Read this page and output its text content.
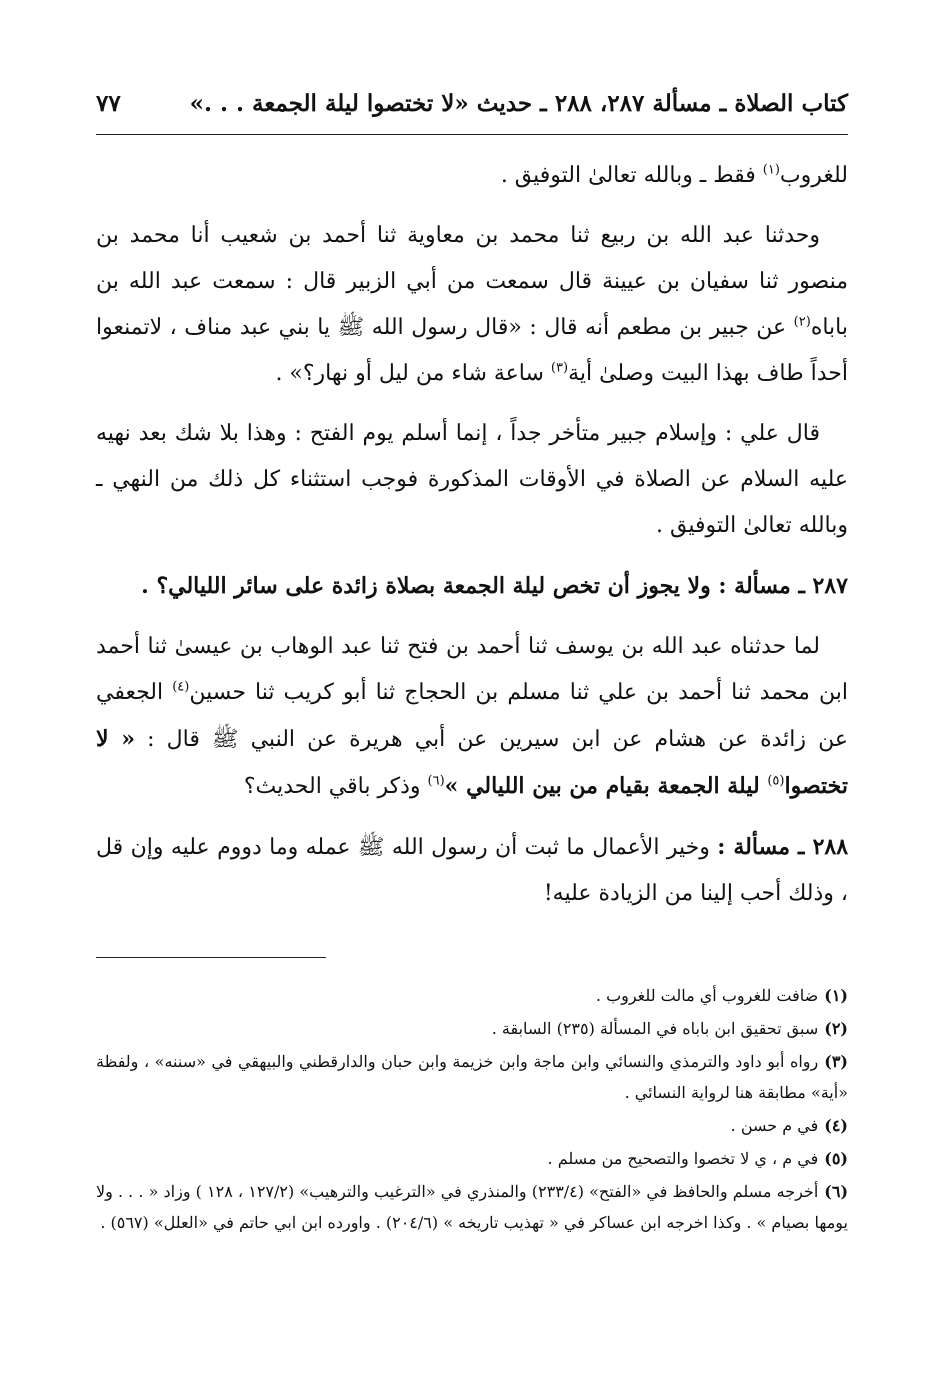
كتاب الصلاة ـ مسألة ٢٨٧، ٢٨٨ ـ حديث «لا تختصوا ليلة الجمعة . . .»
٧٧

للغروب$^{(١)}$ فقط ـ وبالله تعالىٰ التوفيق .

وحدثنا عبد الله بن ربيع ثنا محمد بن معاوية ثنا أحمد بن شعيب أنا محمد بن منصور ثنا سفيان بن عيينة قال سمعت من أبي الزبير قال : سمعت عبد الله بن باباه$^{(٢)}$ عن جبير بن مطعم أنه قال : «قال رسول الله ﷺ يا بني عبد مناف ، لاتمنعوا أحداً طاف بهذا البيت وصلىٰ أية$^{(٣)}$ ساعة شاء من ليل أو نهار؟» .

قال علي : وإسلام جبير متأخر جداً ، إنما أسلم يوم الفتح : وهذا بلا شك بعد نهيه عليه السلام عن الصلاة في الأوقات المذكورة فوجب استثناء كل ذلك من النهي ـ وبالله تعالىٰ التوفيق .

٢٨٧ ـ مسألة : ولا يجوز أن تخص ليلة الجمعة بصلاة زائدة على سائر الليالي؟ .

لما حدثناه عبد الله بن يوسف ثنا أحمد بن فتح ثنا عبد الوهاب بن عيسىٰ ثنا أحمد ابن محمد ثنا أحمد بن علي ثنا مسلم بن الحجاج ثنا أبو كريب ثنا حسين$^{(٤)}$ الجعفي عن زائدة عن هشام عن ابن سيرين عن أبي هريرة عن النبي ﷺ قال : « لا تختصوا$^{(٥)}$ ليلة الجمعة بقيام من بين الليالي »$^{(٦)}$ وذكر باقي الحديث؟

٢٨٨ ـ مسألة : وخير الأعمال ما ثبت أن رسول الله ﷺ عمله وما دووم عليه وإن قل ، وذلك أحب إلينا من الزيادة عليه!

(١)ضافت للغروب أي مالت للغروب .
(٢)سبق تحقيق ابن باباه في المسألة (٢٣٥) السابقة .
(٣)رواه أبو داود والترمذي والنسائي وابن ماجة وابن خزيمة وابن حبان والدارقطني والبيهقي في «سننه» ، ولفظة «أية» مطابقة هنا لرواية النسائي .
(٤)في م حسن .
(٥)في م ، ي لا تخصوا والتصحيح من مسلم .
(٦)أخرجه مسلم والحافظ في «الفتح» (٢٣٣/٤) والمنذري في «الترغيب والترهيب» (١٢٧/٢ ، ١٢٨ ) وزاد « . . . ولا يومها بصيام » . وكذا اخرجه ابن عساكر في « تهذيب تاريخه » (٢٠٤/٦) . واورده ابن ابي حاتم في «العلل» (٥٦٧) .
